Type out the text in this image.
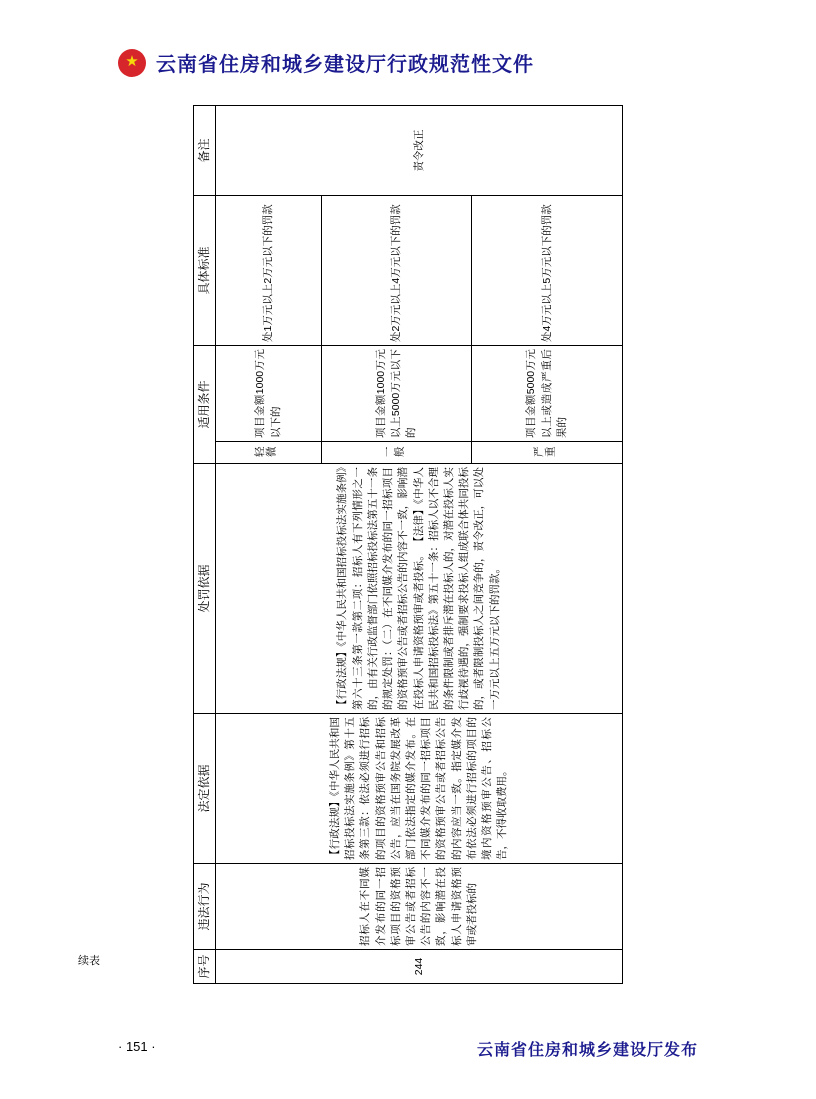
★ 云南省住房和城乡建设厅行政规范性文件
续表	序号	违法行为	法定依据	处罚依据	适用条件		具体标准	备注
244	招标人在不同媒介发布的同一招标项目的资格预审公告或者招标公告的内容不一致，影响潜在投标人申请资格预审或者投标的	【行政法规】《中华人民共和国招标投标法实施条例》第十五条第三款：依法必须进行招标的项目的资格预审公告和招标公告，应当在国务院发展改革部门依法指定的媒介发布。在不同媒介发布的同一招标项目的资格预审公告或者招标公告的内容应当一致。指定媒介发布依法必须进行招标的项目的境内资格预审公告、招标公告，不得收取费用。	【行政法规】《中华人民共和国招标投标法实施条例》第六十三条第一款第二项：招标人有下列情形之一的，由有关行政监督部门依照招标投标法第五十一条的规定处罚：（二）在不同媒介发布的同一招标项目的资格预审公告或者招标公告的内容不一致，影响潜在投标人申请资格预审或者投标。 【法律】《中华人民共和国招标投标法》第五十一条：招标人以不合理的条件限制或者排斥潜在投标人的，对潜在投标人实行歧视待遇的，强制要求投标人组成联合体共同投标的，或者限制投标人之间竞争的，责令改正，可以处一万元以上五万元以下的罚款。	轻微	项目金额1000万元以下的	处1万元以上2万元以下的罚款	责令改正
				一般	项目金额1000万元以上5000万元以下的	处2万元以上4万元以下的罚款	
				严重	项目金额5000万元以上或造成严重后果的	处4万元以上5万元以下的罚款	
· 151 ·	云南省住房和城乡建设厅发布
